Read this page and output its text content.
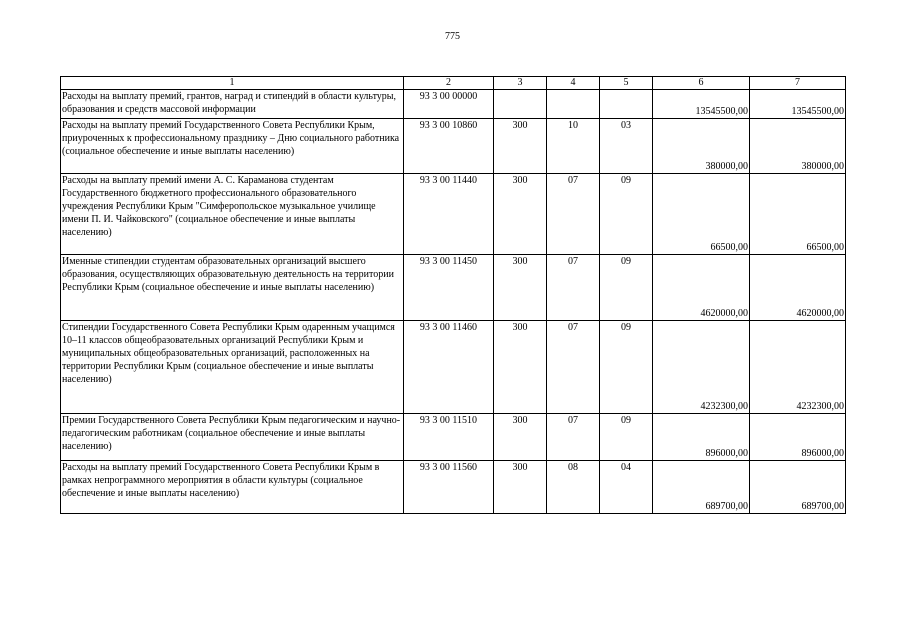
775
1	2	3	4	5	6	7
Расходы на выплату премий, грантов, наград и стипендий в области культуры, образования и средств массовой информации	93 3 00 00000				13545500,00	13545500,00
Расходы на выплату премий Государственного Совета Республики Крым, приуроченных к профессиональному празднику – Дню социального работника (социальное обеспечение и иные выплаты населению)	93 3 00 10860	300	10	03	380000,00	380000,00
Расходы на выплату премий имени А. С. Караманова студентам Государственного бюджетного профессионального образовательного учреждения Республики Крым "Симферопольское музыкальное училище имени П. И. Чайковского" (социальное обеспечение и иные выплаты населению)	93 3 00 11440	300	07	09	66500,00	66500,00
Именные стипендии студентам образовательных организаций высшего образования, осуществляющих образовательную деятельность на территории Республики Крым (социальное обеспечение и иные выплаты населению)	93 3 00 11450	300	07	09	4620000,00	4620000,00
Стипендии Государственного Совета Республики Крым одаренным учащимся 10–11 классов общеобразовательных организаций Республики Крым и муниципальных общеобразовательных организаций, расположенных на территории Республики Крым (социальное обеспечение и иные выплаты населению)	93 3 00 11460	300	07	09	4232300,00	4232300,00
Премии Государственного Совета Республики Крым педагогическим и научно-педагогическим работникам (социальное обеспечение и иные выплаты населению)	93 3 00 11510	300	07	09	896000,00	896000,00
Расходы на выплату премий Государственного Совета Республики Крым в рамках непрограммного мероприятия в области культуры (социальное обеспечение и иные выплаты населению)	93 3 00 11560	300	08	04	689700,00	689700,00
